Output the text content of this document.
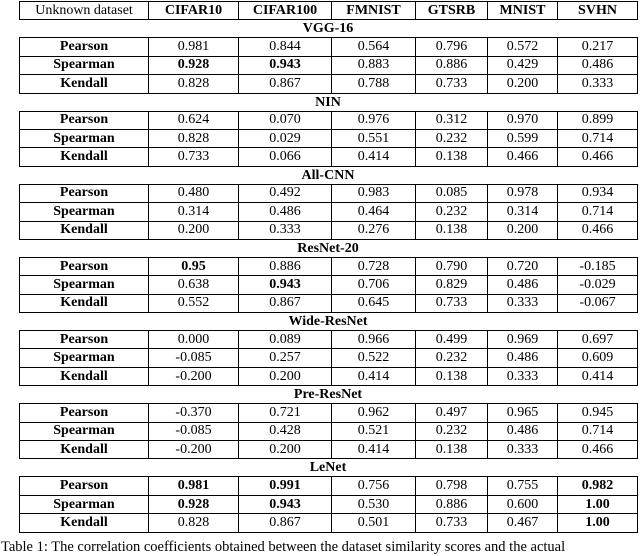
Unknown dataset	CIFAR10	CIFAR100	FMNIST	GTSRB	MNIST	SVHN
VGG-16
Pearson	0.981	0.844	0.564	0.796	0.572	0.217
Spearman	0.928	0.943	0.883	0.886	0.429	0.486
Kendall	0.828	0.867	0.788	0.733	0.200	0.333
NIN
Pearson	0.624	0.070	0.976	0.312	0.970	0.899
Spearman	0.828	0.029	0.551	0.232	0.599	0.714
Kendall	0.733	0.066	0.414	0.138	0.466	0.466
All-CNN
Pearson	0.480	0.492	0.983	0.085	0.978	0.934
Spearman	0.314	0.486	0.464	0.232	0.314	0.714
Kendall	0.200	0.333	0.276	0.138	0.200	0.466
ResNet-20
Pearson	0.95	0.886	0.728	0.790	0.720	-0.185
Spearman	0.638	0.943	0.706	0.829	0.486	-0.029
Kendall	0.552	0.867	0.645	0.733	0.333	-0.067
Wide-ResNet
Pearson	0.000	0.089	0.966	0.499	0.969	0.697
Spearman	-0.085	0.257	0.522	0.232	0.486	0.609
Kendall	-0.200	0.200	0.414	0.138	0.333	0.414
Pre-ResNet
Pearson	-0.370	0.721	0.962	0.497	0.965	0.945
Spearman	-0.085	0.428	0.521	0.232	0.486	0.714
Kendall	-0.200	0.200	0.414	0.138	0.333	0.466
LeNet
Pearson	0.981	0.991	0.756	0.798	0.755	0.982
Spearman	0.928	0.943	0.530	0.886	0.600	1.00
Kendall	0.828	0.867	0.501	0.733	0.467	1.00
Table 1: The correlation coefficients obtained between the dataset similarity scores and the actual
